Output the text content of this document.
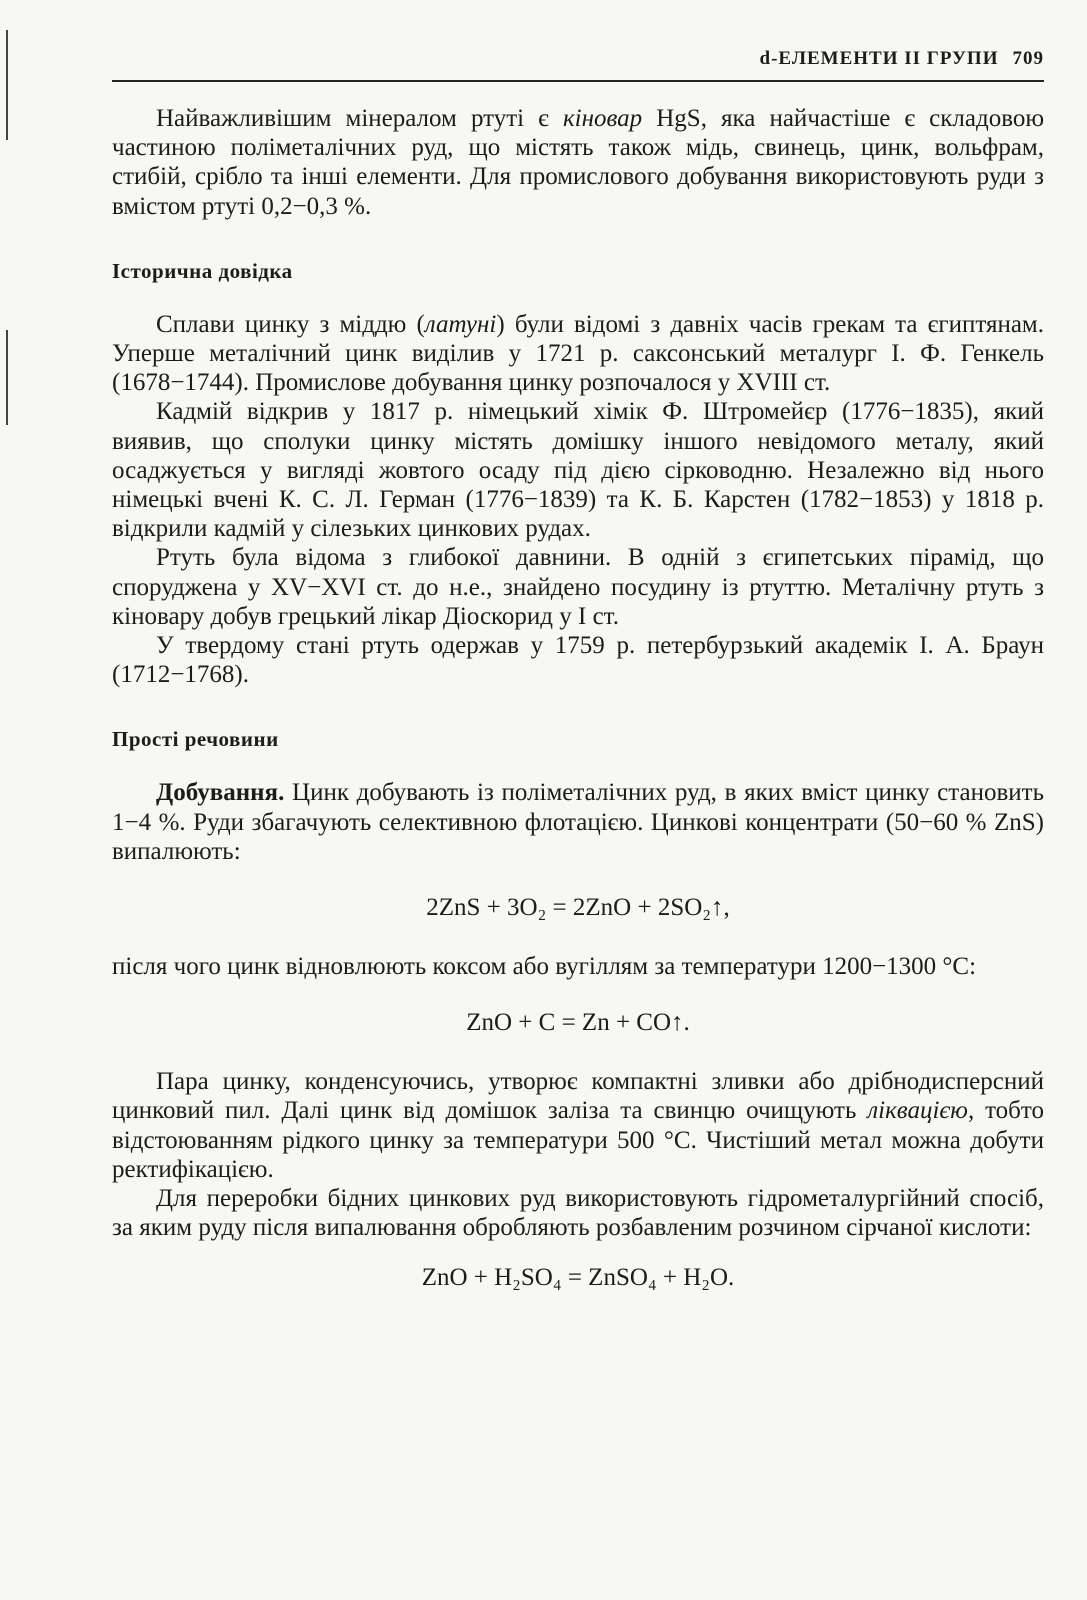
d-ЕЛЕМЕНТИ II ГРУПИ 709

Найважливішим мінералом ртуті є кіновар HgS, яка найчастіше є складовою частиною поліметалічних руд, що містять також мідь, свинець, цинк, вольфрам, стибій, срібло та інші елементи. Для промислового добування використовують руди з вмістом ртуті 0,2−0,3 %.

Історична довідка

Сплави цинку з міддю (латуні) були відомі з давніх часів грекам та єгиптянам. Уперше металічний цинк виділив у 1721 р. саксонський металург І. Ф. Генкель (1678−1744). Промислове добування цинку розпочалося у XVIII ст.

Кадмій відкрив у 1817 р. німецький хімік Ф. Штромейєр (1776−1835), який виявив, що сполуки цинку містять домішку іншого невідомого металу, який осаджується у вигляді жовтого осаду під дією сірководню. Незалежно від нього німецькі вчені К. С. Л. Герман (1776−1839) та К. Б. Карстен (1782−1853) у 1818 р. відкрили кадмій у сілезьких цинкових рудах.

Ртуть була відома з глибокої давнини. В одній з єгипетських пірамід, що споруджена у XV−XVI ст. до н.е., знайдено посудину із ртуттю. Металічну ртуть з кіновару добув грецький лікар Діоскорид у І ст.

У твердому стані ртуть одержав у 1759 р. петербурзький академік І. А. Браун (1712−1768).

Прості речовини

Добування. Цинк добувають із поліметалічних руд, в яких вміст цинку становить 1−4 %. Руди збагачують селективною флотацією. Цинкові концентрати (50−60 % ZnS) випалюють:

2ZnS + 3O₂ = 2ZnO + 2SO₂↑,

після чого цинк відновлюють коксом або вугіллям за температури 1200−1300 °С:

ZnO + C = Zn + CO↑.

Пара цинку, конденсуючись, утворює компактні зливки або дрібнодисперсний цинковий пил. Далі цинк від домішок заліза та свинцю очищують ліквацією, тобто відстоюванням рідкого цинку за температури 500 °С. Чистіший метал можна добути ректифікацією.

Для переробки бідних цинкових руд використовують гідрометалургійний спосіб, за яким руду після випалювання обробляють розбавленим розчином сірчаної кислоти:

ZnO + H₂SO₄ = ZnSO₄ + H₂O.
